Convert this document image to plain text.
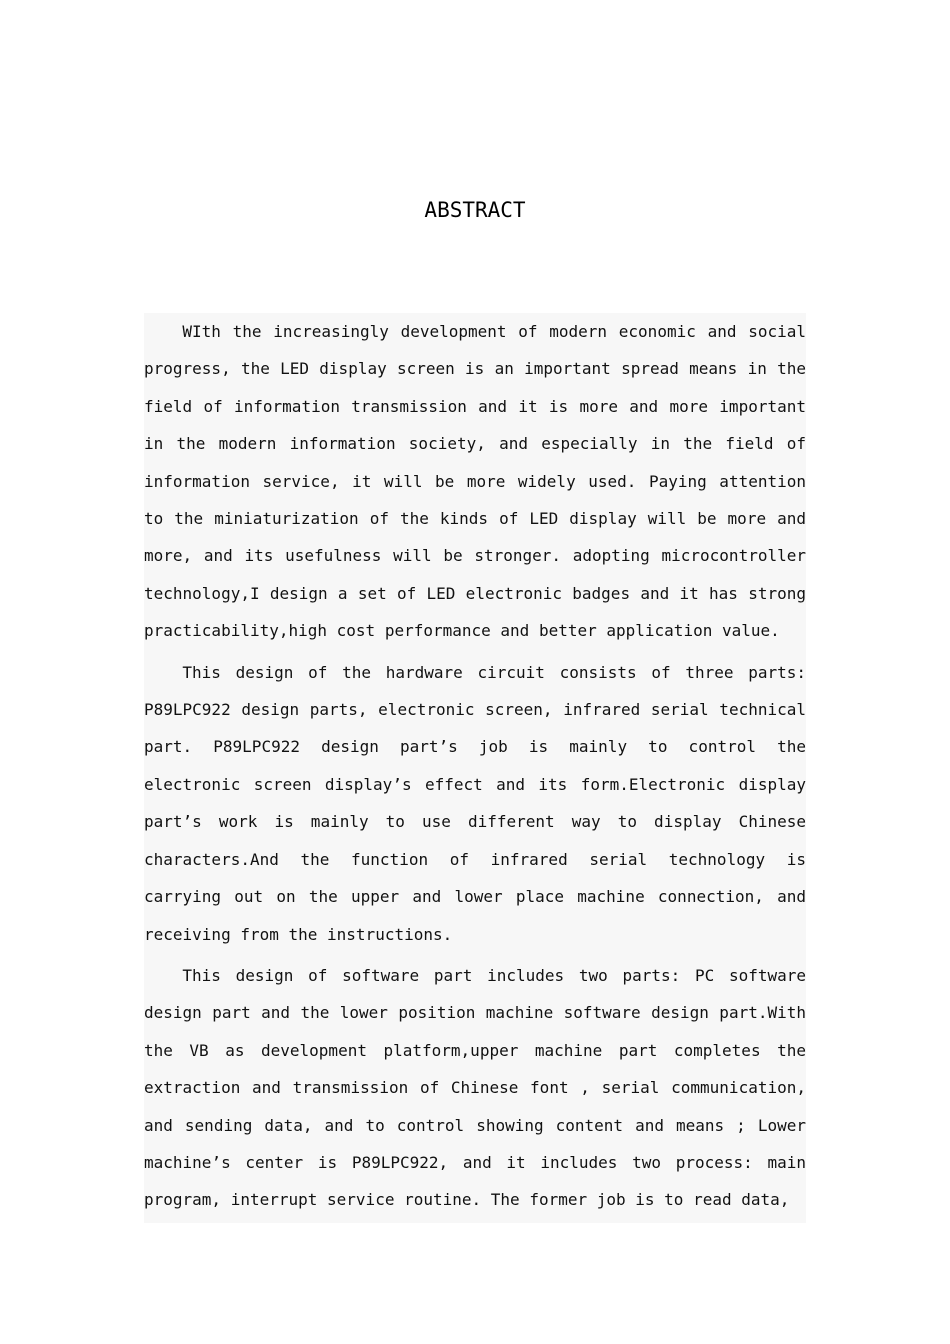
ABSTRACT

WIth the increasingly development of modern economic and social progress, the LED display screen is an important spread means in the field of information transmission and it is more and more important in the modern information society, and especially in the field of information service, it will be more widely used. Paying attention to the miniaturization of the kinds of LED display will be more and more, and its usefulness will be stronger. adopting microcontroller technology,I design a set of LED electronic badges and it has strong practicability,high cost performance and better application value.

This design of the hardware circuit consists of three parts: P89LPC922 design parts, electronic screen, infrared serial technical part. P89LPC922 design part’s job is mainly to control the electronic screen display’s effect and its form.Electronic display part’s work is mainly to use different way to display Chinese characters.And the function of infrared serial technology is carrying out on the upper and lower place machine connection, and receiving from the instructions.

This design of software part includes two parts: PC software design part and the lower position machine software design part.With the VB as development platform,upper machine part completes the extraction and transmission of Chinese font , serial communication, and sending data, and to control showing content and means ; Lower machine’s center is P89LPC922, and it includes two process: main program, interrupt service routine. The former job is to read data,
